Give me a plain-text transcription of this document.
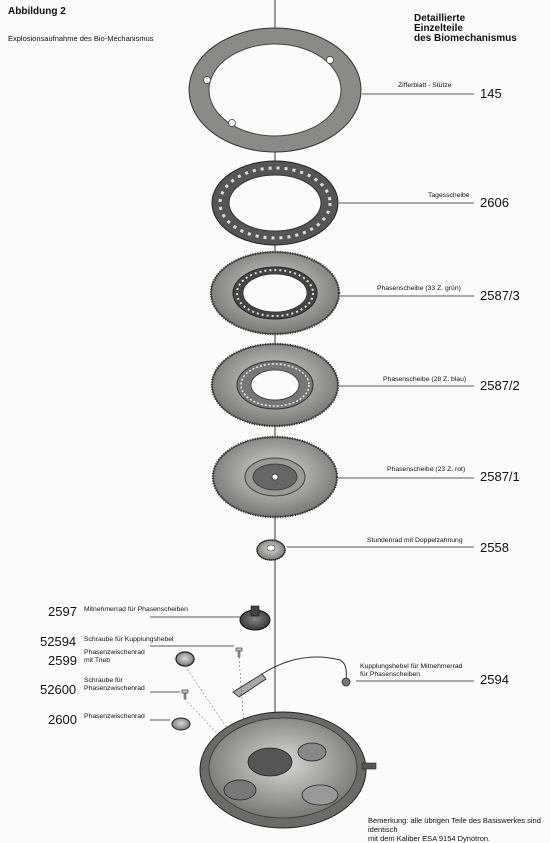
Abbildung 2
Explosionsaufnahme des Bio-Mechanismus
Detaillierte
Einzelteile
des Biomechanismus
Zifferblatt - Stütze
145
Tagesscheibe 2606
Phasenscheibe (33 Z. grün) 2587/3
Phasenscheibe (28 Z. blau) 2587/2
Phasenscheibe (23 Z. rot) 2587/1
Stundenrad mit Doppelzahnung 2558
Kupplungshebel für Mitnehmerrad
für Phasenscheiben	2594
2597 Mitnehmerrad für Phasenscheiben
52594 Schraube für Kupplungshebel
2599
Phasenzwischenrad
mit Trieb
52600
Schraube für
Phasenzwischenrad
2600 Phasenzwischenrad
Bemerkung: alle übrigen Teile des Basiswerkes sind identisch
mit dem Kaliber ESA 9154 Dynotron.
